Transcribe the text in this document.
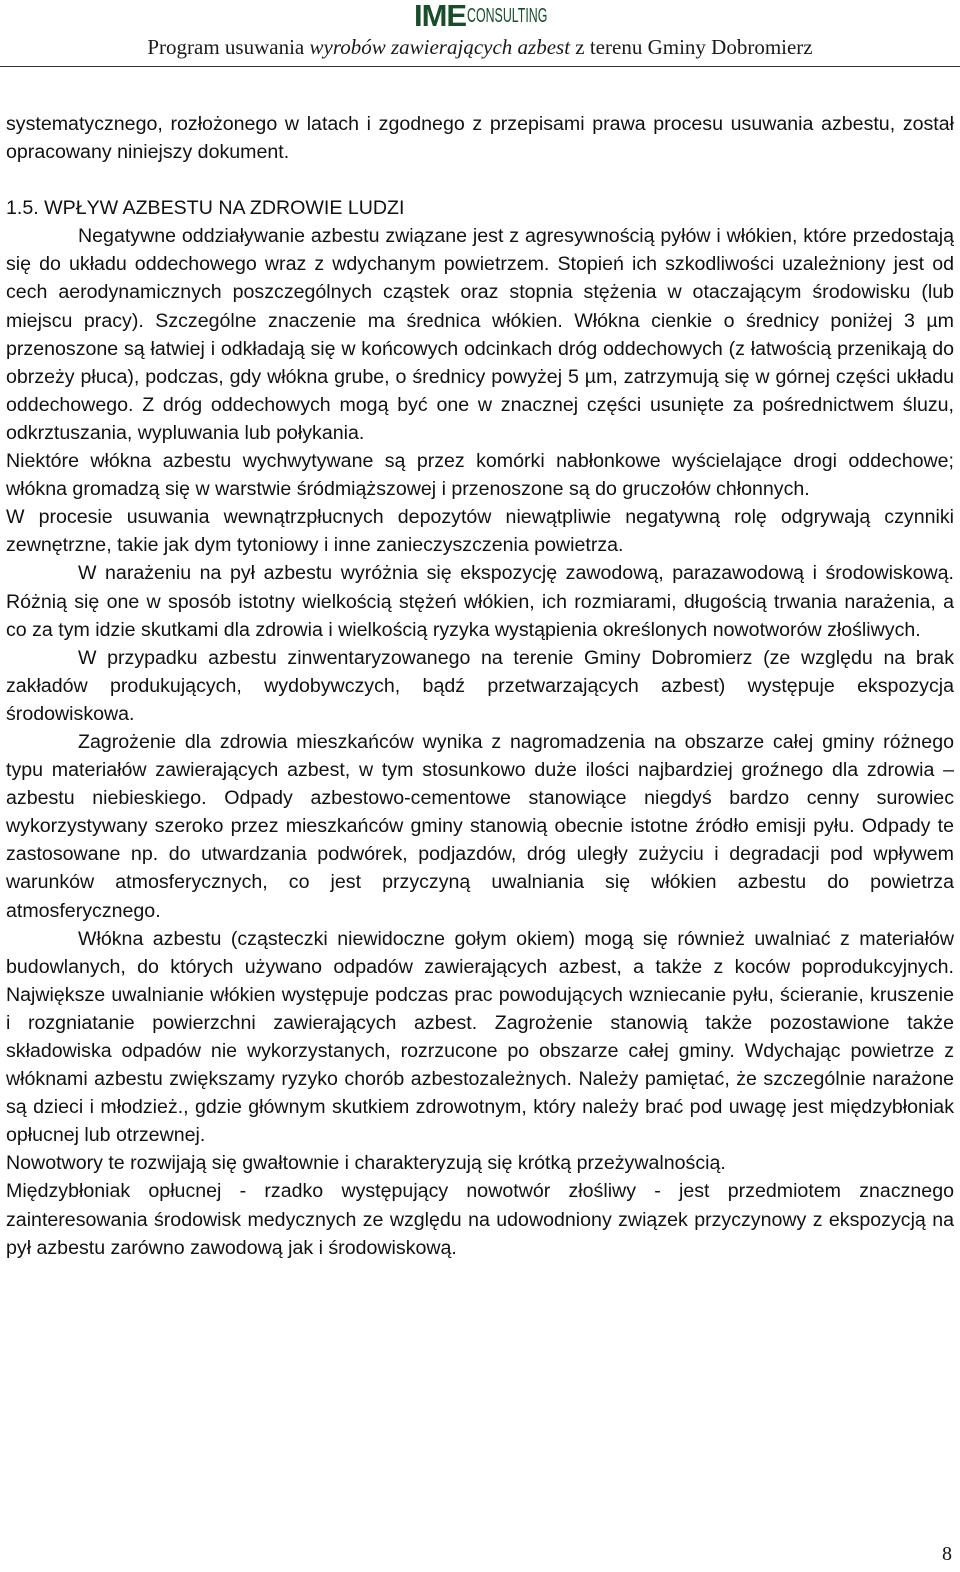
IMECONSULTING
Program usuwania wyrobów zawierających azbest z terenu Gminy Dobromierz

systematycznego, rozłożonego w latach i zgodnego z przepisami prawa procesu usuwania azbestu, został opracowany niniejszy dokument.

1.5. WPŁYW AZBESTU NA ZDROWIE LUDZI

Negatywne oddziaływanie azbestu związane jest z agresywnością pyłów i włókien, które przedostają się do układu oddechowego wraz z wdychanym powietrzem. Stopień ich szkodliwości uzależniony jest od cech aerodynamicznych poszczególnych cząstek oraz stopnia stężenia w otaczającym środowisku (lub miejscu pracy). Szczególne znaczenie ma średnica włókien. Włókna cienkie o średnicy poniżej 3 µm przenoszone są łatwiej i odkładają się w końcowych odcinkach dróg oddechowych (z łatwością przenikają do obrzeży płuca), podczas, gdy włókna grube, o średnicy powyżej 5 µm, zatrzymują się w górnej części układu oddechowego. Z dróg oddechowych mogą być one w znacznej części usunięte za pośrednictwem śluzu, odkrztuszania, wypluwania lub połykania.

Niektóre włókna azbestu wychwytywane są przez komórki nabłonkowe wyścielające drogi oddechowe; włókna gromadzą się w warstwie śródmiąższowej i przenoszone są do gruczołów chłonnych.

W procesie usuwania wewnątrzpłucnych depozytów niewątpliwie negatywną rolę odgrywają czynniki zewnętrzne, takie jak dym tytoniowy i inne zanieczyszczenia powietrza.

W narażeniu na pył azbestu wyróżnia się ekspozycję zawodową, parazawodową i środowiskową. Różnią się one w sposób istotny wielkością stężeń włókien, ich rozmiarami, długością trwania narażenia, a co za tym idzie skutkami dla zdrowia i wielkością ryzyka wystąpienia określonych nowotworów złośliwych.

W przypadku azbestu zinwentaryzowanego na terenie Gminy Dobromierz (ze względu na brak zakładów produkujących, wydobywczych, bądź przetwarzających azbest) występuje ekspozycja środowiskowa.

Zagrożenie dla zdrowia mieszkańców wynika z nagromadzenia na obszarze całej gminy różnego typu materiałów zawierających azbest, w tym stosunkowo duże ilości najbardziej groźnego dla zdrowia – azbestu niebieskiego. Odpady azbestowo-cementowe stanowiące niegdyś bardzo cenny surowiec wykorzystywany szeroko przez mieszkańców gminy stanowią obecnie istotne źródło emisji pyłu. Odpady te zastosowane np. do utwardzania podwórek, podjazdów, dróg uległy zużyciu i degradacji pod wpływem warunków atmosferycznych, co jest przyczyną uwalniania się włókien azbestu do powietrza atmosferycznego.

Włókna azbestu (cząsteczki niewidoczne gołym okiem) mogą się również uwalniać z materiałów budowlanych, do których używano odpadów zawierających azbest, a także z koców poprodukcyjnych. Największe uwalnianie włókien występuje podczas prac powodujących wzniecanie pyłu, ścieranie, kruszenie i rozgniatanie powierzchni zawierających azbest. Zagrożenie stanowią także pozostawione także składowiska odpadów nie wykorzystanych, rozrzucone po obszarze całej gminy. Wdychając powietrze z włóknami azbestu zwiększamy ryzyko chorób azbestozależnych. Należy pamiętać, że szczególnie narażone są dzieci i młodzież., gdzie głównym skutkiem zdrowotnym, który należy brać pod uwagę jest międzybłoniak opłucnej lub otrzewnej.

Nowotwory te rozwijają się gwałtownie i charakteryzują się krótką przeżywalnością.

Międzybłoniak opłucnej - rzadko występujący nowotwór złośliwy - jest przedmiotem znacznego zainteresowania środowisk medycznych ze względu na udowodniony związek przyczynowy z ekspozycją na pył azbestu zarówno zawodową jak i środowiskową.

8
